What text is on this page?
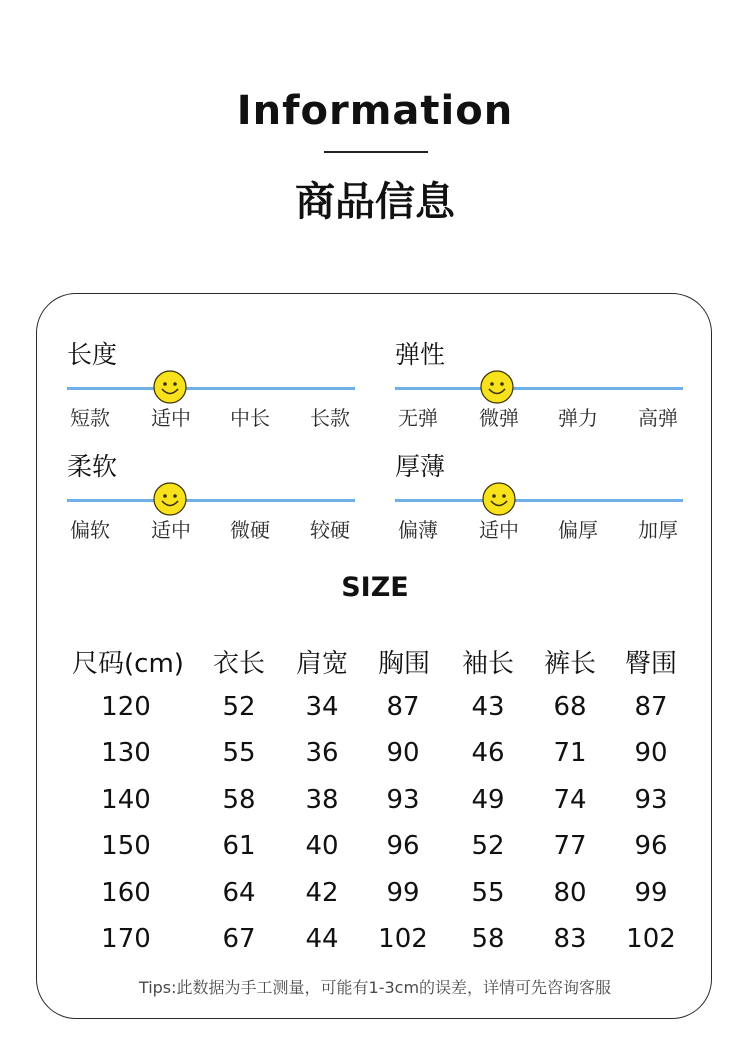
Information
商品信息
长度
短款 适中 中长 长款
弹性
无弹 微弹 弹力 高弹
柔软
偏软 适中 微硬 较硬
厚薄
偏薄 适中 偏厚 加厚
SIZE
尺码(cm) 衣长 肩宽 胸围 袖长 裤长 臀围
120	52 34 87 43 68 87
130	55 36 90 46 71 90
140	58 38 93 49 74 93
150	61 40 96 52 77 96
160	64 42 99 55 80 99
170	67 44 102 58 83 102
Tips:此数据为手工测量，可能有1-3cm的误差，详情可先咨询客服
